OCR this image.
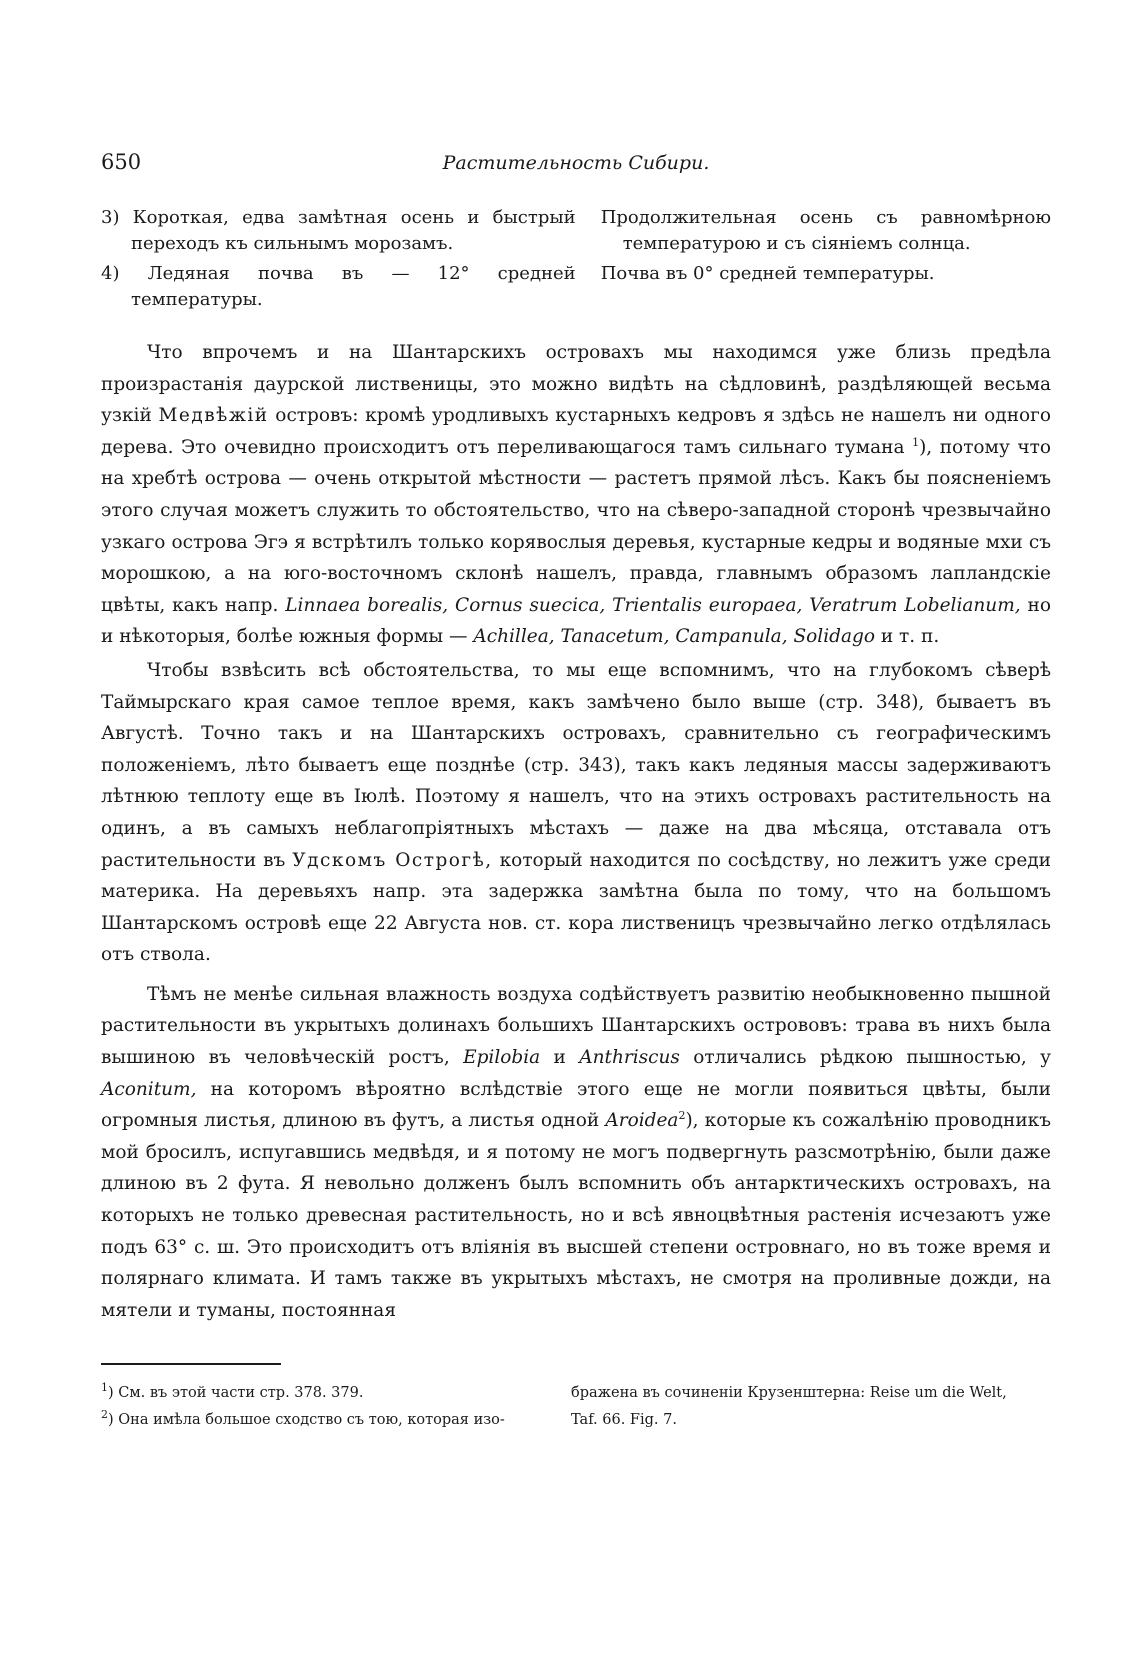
650	Растительность Сибири.
3) Короткая, едва замѣтная осень и быстрый переходъ къ сильнымъ морозамъ.
Продолжительная осень съ равномѣрною температурою и съ сіяніемъ солнца.
4) Ледяная почва въ — 12° средней температуры.
Почва въ 0° средней температуры.

Что впрочемъ и на Шантарскихъ островахъ мы находимся уже близь предѣла произрастанія даурской лиственицы, это можно видѣть на сѣдловинѣ, раздѣляющей весьма узкій Медвѣжій островъ: кромѣ уродливыхъ кустарныхъ кедровъ я здѣсь не нашелъ ни одного дерева. Это очевидно происходитъ отъ переливающагося тамъ сильнаго тумана $^1$), потому что на хребтѣ острова — очень открытой мѣстности — растетъ прямой лѣсъ. Какъ бы поясненіемъ этого случая можетъ служить то обстоятельство, что на сѣверо-западной сторонѣ чрезвычайно узкаго острова Эгэ я встрѣтилъ только корявослыя деревья, кустарные кедры и водяные мхи съ морошкою, а на юго-восточномъ склонѣ нашелъ, правда, главнымъ образомъ лапландскіе цвѣты, какъ напр. Linnaea borealis, Cornus suecica, Trientalis europaea, Veratrum Lobelianum, но и нѣкоторыя, болѣе южныя формы — Achillea, Tanacetum, Campanula, Solidago и т. п.

Чтобы взвѣсить всѣ обстоятельства, то мы еще вспомнимъ, что на глубокомъ сѣверѣ Таймырскаго края самое теплое время, какъ замѣчено было выше (стр. 348), бываетъ въ Августѣ. Точно такъ и на Шантарскихъ островахъ, сравнительно съ географическимъ положеніемъ, лѣто бываетъ еще позднѣе (стр. 343), такъ какъ ледяныя массы задерживаютъ лѣтнюю теплоту еще въ Іюлѣ. Поэтому я нашелъ, что на этихъ островахъ растительность на одинъ, а въ самыхъ неблагопріятныхъ мѣстахъ — даже на два мѣсяца, отставала отъ растительности въ Удскомъ Острогѣ, который находится по сосѣдству, но лежитъ уже среди материка. На деревьяхъ напр. эта задержка замѣтна была по тому, что на большомъ Шантарскомъ островѣ еще 22 Августа нов. ст. кора лиственицъ чрезвычайно легко отдѣлялась отъ ствола.

Тѣмъ не менѣе сильная влажность воздуха содѣйствуетъ развитію необыкновенно пышной растительности въ укрытыхъ долинахъ большихъ Шантарскихъ острововъ: трава въ нихъ была вышиною въ человѣческій ростъ, Epilobia и Anthriscus отличались рѣдкою пышностью, у Aconitum, на которомъ вѣроятно вслѣдствіе этого еще не могли появиться цвѣты, были огромныя листья, длиною въ футъ, а листья одной Aroidea$^2$), которые къ сожалѣнію проводникъ мой бросилъ, испугавшись медвѣдя, и я потому не могъ подвергнуть разсмотрѣнію, были даже длиною въ 2 фута. Я невольно долженъ былъ вспомнить объ антарктическихъ островахъ, на которыхъ не только древесная растительность, но и всѣ явноцвѣтныя растенія исчезаютъ уже подъ 63° с. ш. Это происходитъ отъ вліянія въ высшей степени островнаго, но въ тоже время и полярнаго климата. И тамъ также въ укрытыхъ мѣстахъ, не смотря на проливные дожди, на мятели и туманы, постоянная

$^1$) См. въ этой части стр. 378. 379.

$^2$) Она имѣла большое сходство съ тою, которая изо-

бражена въ сочиненіи Крузенштерна: Reise um die Welt, Taf. 66. Fig. 7.
